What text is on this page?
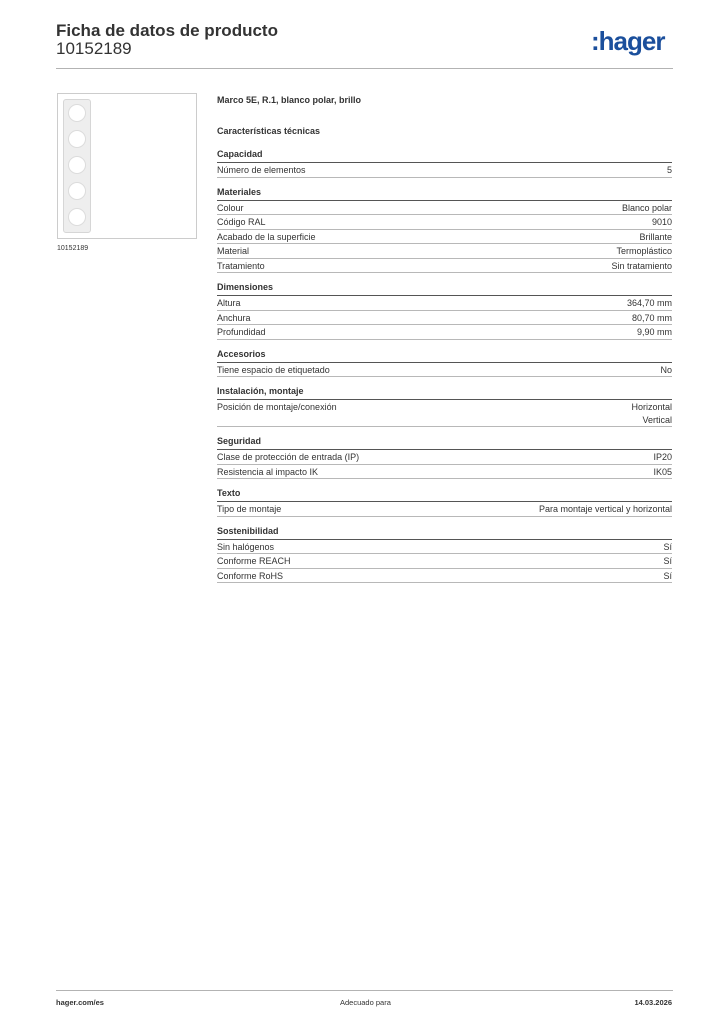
Ficha de datos de producto
10152189	:hager
10152189
Marco 5E, R.1, blanco polar, brillo
Características técnicas
Capacidad
Número de elementos	5
Materiales
Colour	Blanco polar
Código RAL	9010
Acabado de la superficie	Brillante
Material	Termoplástico
Tratamiento	Sin tratamiento
Dimensiones
Altura	364,70 mm
Anchura	80,70 mm
Profundidad	9,90 mm
Accesorios
Tiene espacio de etiquetado	No
Instalación, montaje
Posición de montaje/conexión	Horizontal
Vertical
Seguridad
Clase de protección de entrada (IP)	IP20
Resistencia al impacto IK	IK05
Texto
Tipo de montaje	Para montaje vertical y horizontal
Sostenibilidad
Sin halógenos	Sí
Conforme REACH	Sí
Conforme RoHS	Sí
hager.com/es	Adecuado para	14.03.2026
